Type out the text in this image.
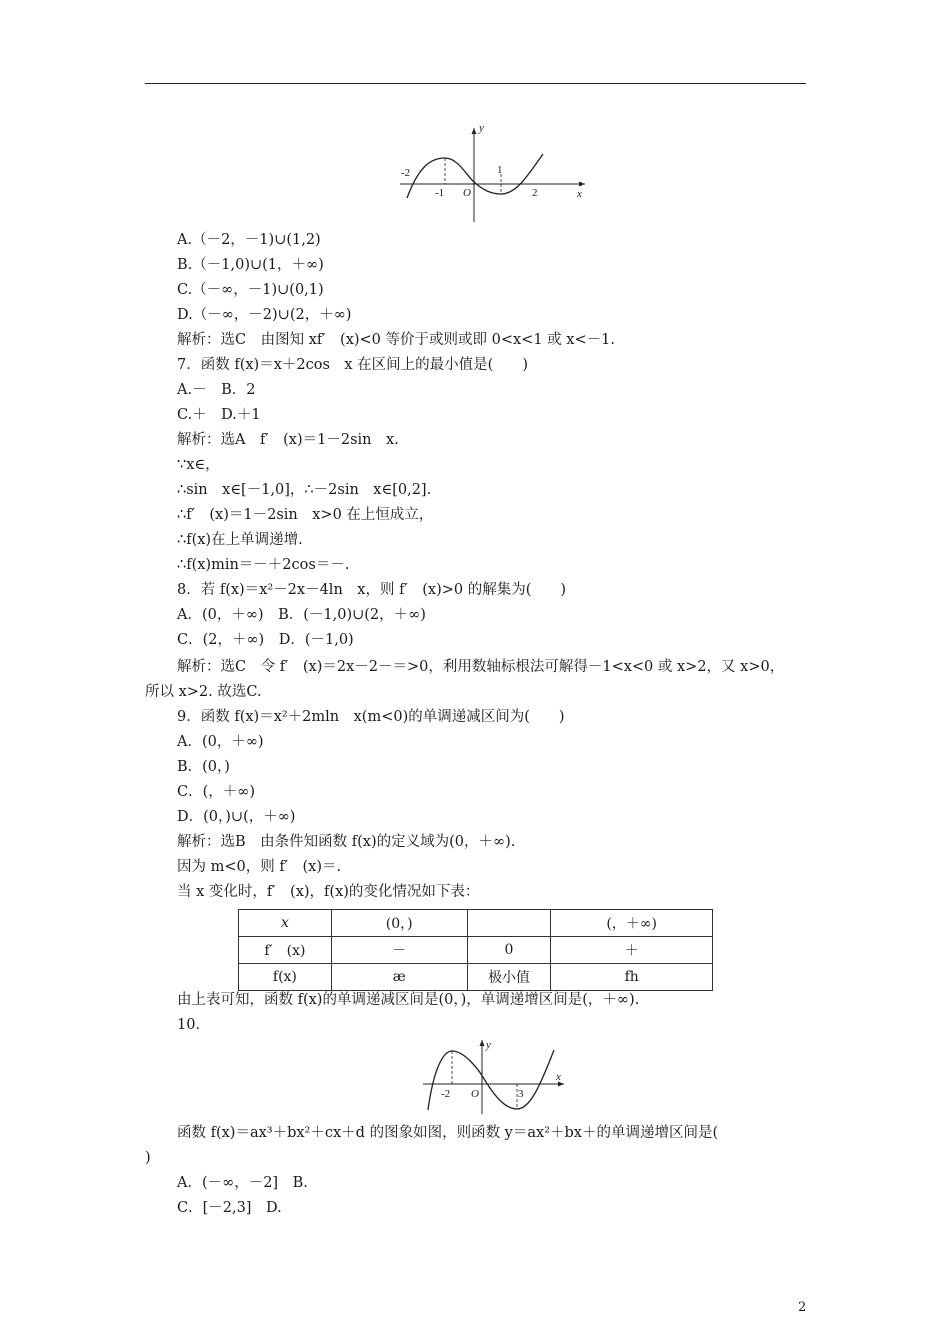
y
x
-2
-1 O
1
2
A.（－2，－1)∪(1,2)
B.（－1,0)∪(1，＋∞)
C.（－∞，－1)∪(0,1)
D.（－∞，－2)∪(2，＋∞)
解析：选C　由图知 xf′　(x)<0 等价于或则或即 0<x<1 或 x<－1.
7．函数 f(x)＝x＋2cos　x 在区间上的最小值是(　　)
A.－　B．2
C.＋　D.＋1
解析：选A　f′　(x)＝1－2sin　x.
∵x∈，
∴sin　x∈[－1,0]，∴－2sin　x∈[0,2].
∴f′　(x)＝1－2sin　x>0 在上恒成立，
∴f(x)在上单调递增.
∴f(x)min＝－＋2cos＝－.
8．若 f(x)＝x²－2x－4ln　x，则 f′　(x)>0 的解集为(　　)
A．(0，＋∞)　B．(－1,0)∪(2，＋∞)
C．(2，＋∞)　D．(－1,0)
解析：选C　令 f′　(x)＝2x－2－＝>0，利用数轴标根法可解得－1<x<0 或 x>2，又 x>0，
所以 x>2. 故选C.
9．函数 f(x)＝x²＋2mln　x(m<0)的单调递减区间为(　　)
A．(0，＋∞)
B．(0，)
C．(，＋∞)
D．(0，)∪(，＋∞)
解析：选B　由条件知函数 f(x)的定义域为(0，＋∞).
因为 m<0，则 f′　(x)＝.
当 x 变化时，f′　(x)，f(x)的变化情况如下表：
x	(0，)		(，＋∞)
f′　(x)	－	0	＋
f(x)	æ	极小值	fh
由上表可知，函数 f(x)的单调递减区间是(0，)，单调递增区间是(，＋∞).
10．
y
x
-2 O	3
函数 f(x)＝ax³＋bx²＋cx＋d 的图象如图，则函数 y＝ax²＋bx＋的单调递增区间是(
)
A．(－∞，－2]　B.
C．[－2,3]　D.
2
